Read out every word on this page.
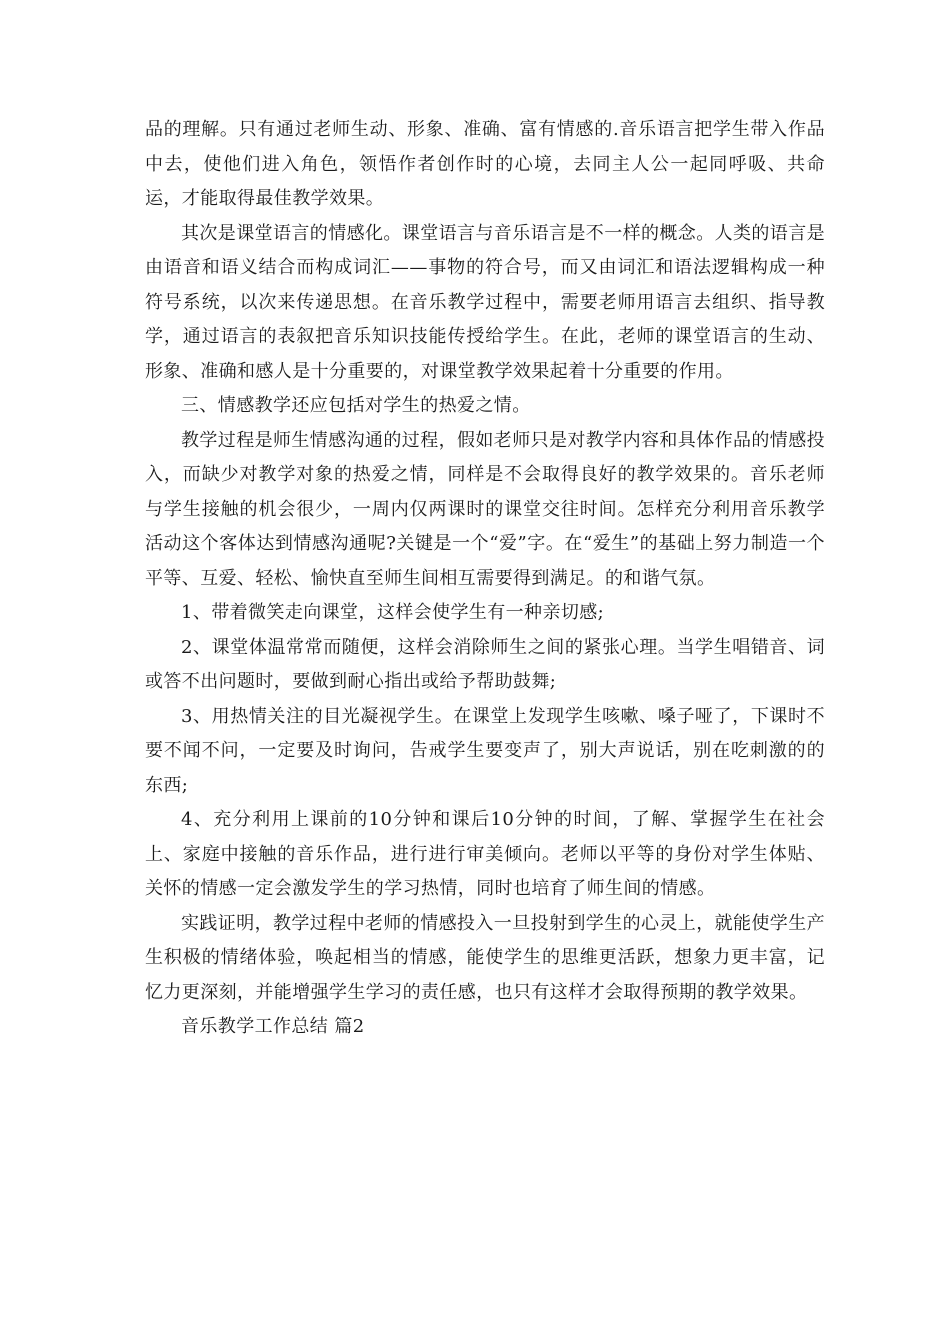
品的理解。只有通过老师生动、形象、准确、富有情感的.音乐语言把学生带入作品中去，使他们进入角色，领悟作者创作时的心境，去同主人公一起同呼吸、共命运，才能取得最佳教学效果。

其次是课堂语言的情感化。课堂语言与音乐语言是不一样的概念。人类的语言是由语音和语义结合而构成词汇——事物的符合号，而又由词汇和语法逻辑构成一种符号系统，以次来传递思想。在音乐教学过程中，需要老师用语言去组织、指导教学，通过语言的表叙把音乐知识技能传授给学生。在此，老师的课堂语言的生动、形象、准确和感人是十分重要的，对课堂教学效果起着十分重要的作用。

三、情感教学还应包括对学生的热爱之情。

教学过程是师生情感沟通的过程，假如老师只是对教学内容和具体作品的情感投入，而缺少对教学对象的热爱之情，同样是不会取得良好的教学效果的。音乐老师与学生接触的机会很少，一周内仅两课时的课堂交往时间。怎样充分利用音乐教学活动这个客体达到情感沟通呢?关键是一个“爱”字。在“爱生”的基础上努力制造一个平等、互爱、轻松、愉快直至师生间相互需要得到满足。的和谐气氛。

1、带着微笑走向课堂，这样会使学生有一种亲切感;

2、课堂体温常常而随便，这样会消除师生之间的紧张心理。当学生唱错音、词或答不出问题时，要做到耐心指出或给予帮助鼓舞;

3、用热情关注的目光凝视学生。在课堂上发现学生咳嗽、嗓子哑了，下课时不要不闻不问，一定要及时询问，告戒学生要变声了，别大声说话，别在吃刺激的的东西;

4、充分利用上课前的10分钟和课后10分钟的时间，了解、掌握学生在社会上、家庭中接触的音乐作品，进行进行审美倾向。老师以平等的身份对学生体贴、关怀的情感一定会激发学生的学习热情，同时也培育了师生间的情感。

实践证明，教学过程中老师的情感投入一旦投射到学生的心灵上，就能使学生产生积极的情绪体验，唤起相当的情感，能使学生的思维更活跃，想象力更丰富，记忆力更深刻，并能增强学生学习的责任感，也只有这样才会取得预期的教学效果。

音乐教学工作总结 篇2
